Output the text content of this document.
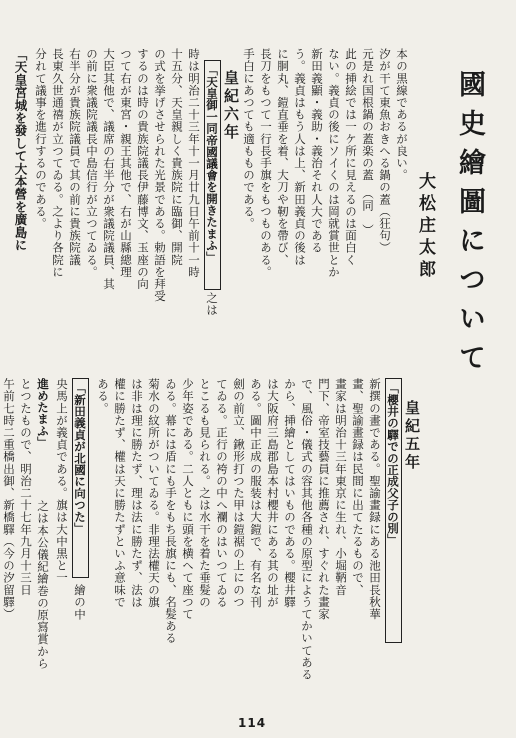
國史繪圖について
大松庄太郎
本の黒線であるが良い。
汐が干て東魚おきへる鍋の蓋（狂句）
元是れ国根鍋の蓋楽の蓋　（同　）
此の挿絵では一ケ所に見えるのは面白く
ない。義貞の後にソイくのは岡就賞世とか
新田義顯・義助・義治それ人大である
う。義貞はもう人は上、新田義貞の後は
に胴丸、鎧直垂を着、大刀や靭を帶び、
長刀をもつて一行長手旗をもつものある。
手白にあつても適もものである。
皇紀六年
「天皇御一同帝國議會を開きたまふ」
之は
時は明治二十三年十一月廿九日午前十一時
十五分、天皇親しく貴族院に臨御、開院
の式を挙げさせられた光景である。勅語を拜受
するのは時の貴族院議長伊藤博文、玉座の向
つて右が東宮・親王其他で、右が山縣總理
大臣其他で、議席の右半分が衆議院議員、其
の前に衆議院議長中島信行が立つてゐる。
右半分が貴族院議員で其の前に貴族院議
長東久世通禧が立つてゐる。之より各院に
分れて議事を進行するのである。
「天皇宮城を發して大本營を廣島に
皇紀五年
「櫻井の驛での正成父子の別」
新撰の畫である。聖諭畫録にある池田長秋華
畫、聖諭畫録は民間に出てたるもので、
畫家は明治十三年東京に生れ、小堀鞆音
門下、帝室技藝員に推薦され、すぐれた畫家
で、風俗・儀式の容其他各種の原型にようてかいてある
から、挿繪としてはいものである。櫻井驛
は大阪府三島郡島本村櫻井にある其の址が
ある。圖中正成の服装は大鎧で、有名な刊
劍の前立、鍬形打つた甲は鎧裾の上にのつ
てゐる。正行の袴の中へ襴のはいつてゐる
とこるも見られる。之は水干を着た垂髮の
少年姿である。二人ともに頭を横へて座つて
ゐる。幕には盾にも手をもち長旗にも、名髪ある
菊水の紋所がついてゐる。非理法權天の旗
は非は理に勝たず、理は法に勝たず、法は
權に勝たず、權は天に勝たずといふ意味で
ある。
「新田義貞が北國に向つた」
繪の中
央馬上が義貞である。旗は大中黒と一
進めたまふ」
之は本公儀紀繪巻の原寫賞から
とつたもので、明治二十七年九月十三日
午前七時二重橋出御、新橋驛（今の汐留驛）
114
